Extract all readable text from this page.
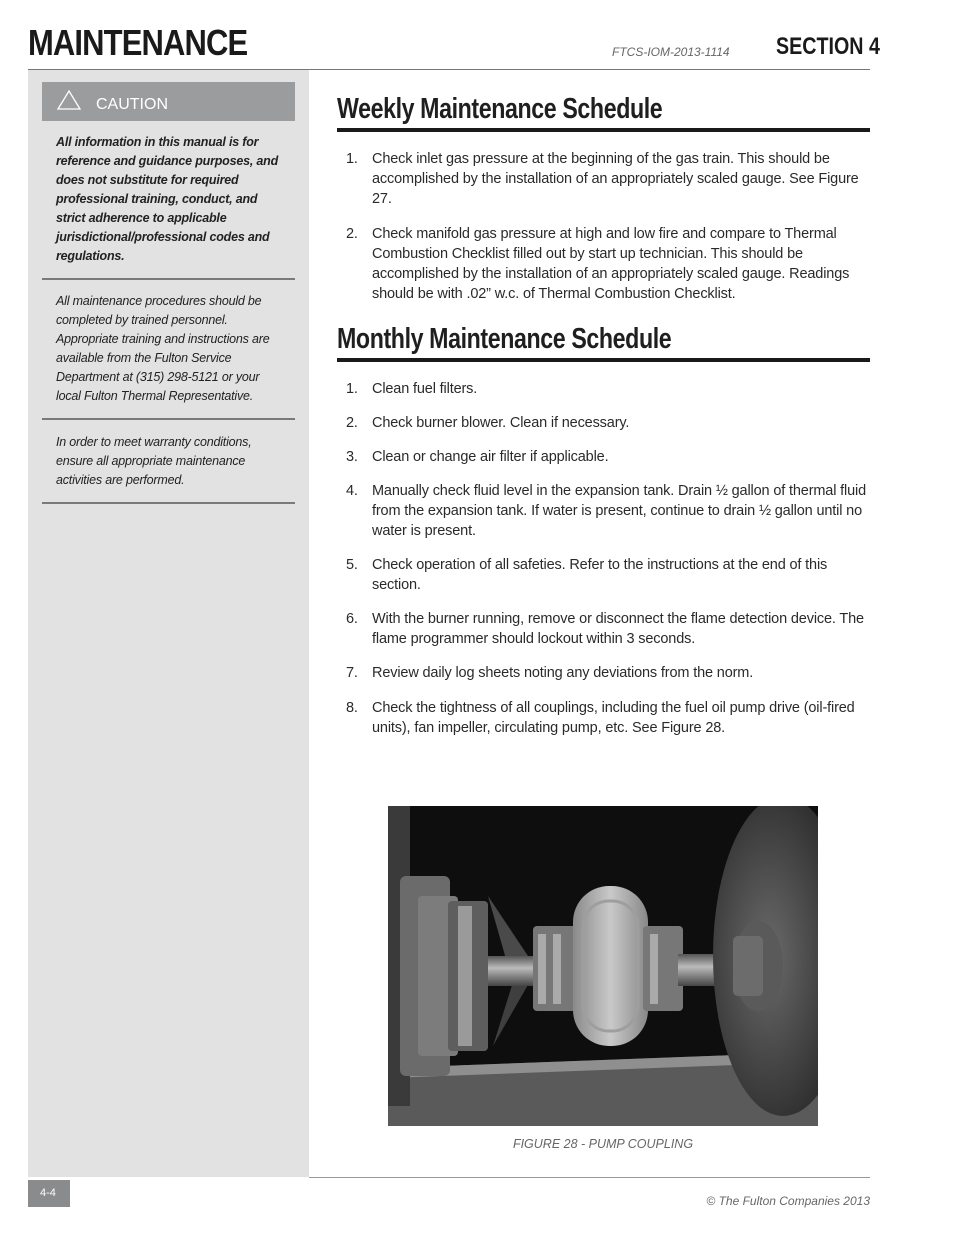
MAINTENANCE	FTCS-IOM-2013-1114 SECTION 4
CAUTION
All information in this manual is for reference and guidance purposes, and does not substitute for required professional training, conduct, and strict adherence to applicable jurisdictional/professional codes and regulations.
All maintenance procedures should be completed by trained personnel. Appropriate training and instructions are available from the Fulton Service Department at (315) 298-5121 or your local Fulton Thermal Representative.
In order to meet warranty conditions, ensure all appropriate maintenance activities are performed.
4-4
Weekly Maintenance Schedule
1. Check inlet gas pressure at the beginning of the gas train. This should be accomplished by the installation of an appropriately scaled gauge. See Figure 27.
2. Check manifold gas pressure at high and low fire and compare to Thermal Combustion Checklist filled out by start up technician. This should be accomplished by the installation of an appropriately scaled gauge. Readings should be with .02” w.c. of Thermal Combustion Checklist.
Monthly Maintenance Schedule
1. Clean fuel filters.
2. Check burner blower. Clean if necessary.
3. Clean or change air filter if applicable.
4. Manually check fluid level in the expansion tank. Drain ½ gallon of thermal fluid from the expansion tank. If water is present, continue to drain ½ gallon until no water is present.
5. Check operation of all safeties. Refer to the instructions at the end of this section.
6. With the burner running, remove or disconnect the flame detection device. The flame programmer should lockout within 3 seconds.
7. Review daily log sheets noting any deviations from the norm.
8. Check the tightness of all couplings, including the fuel oil pump drive (oil-fired units), fan impeller, circulating pump, etc. See Figure 28.
FIGURE 28 - PUMP COUPLING
© The Fulton Companies 2013
